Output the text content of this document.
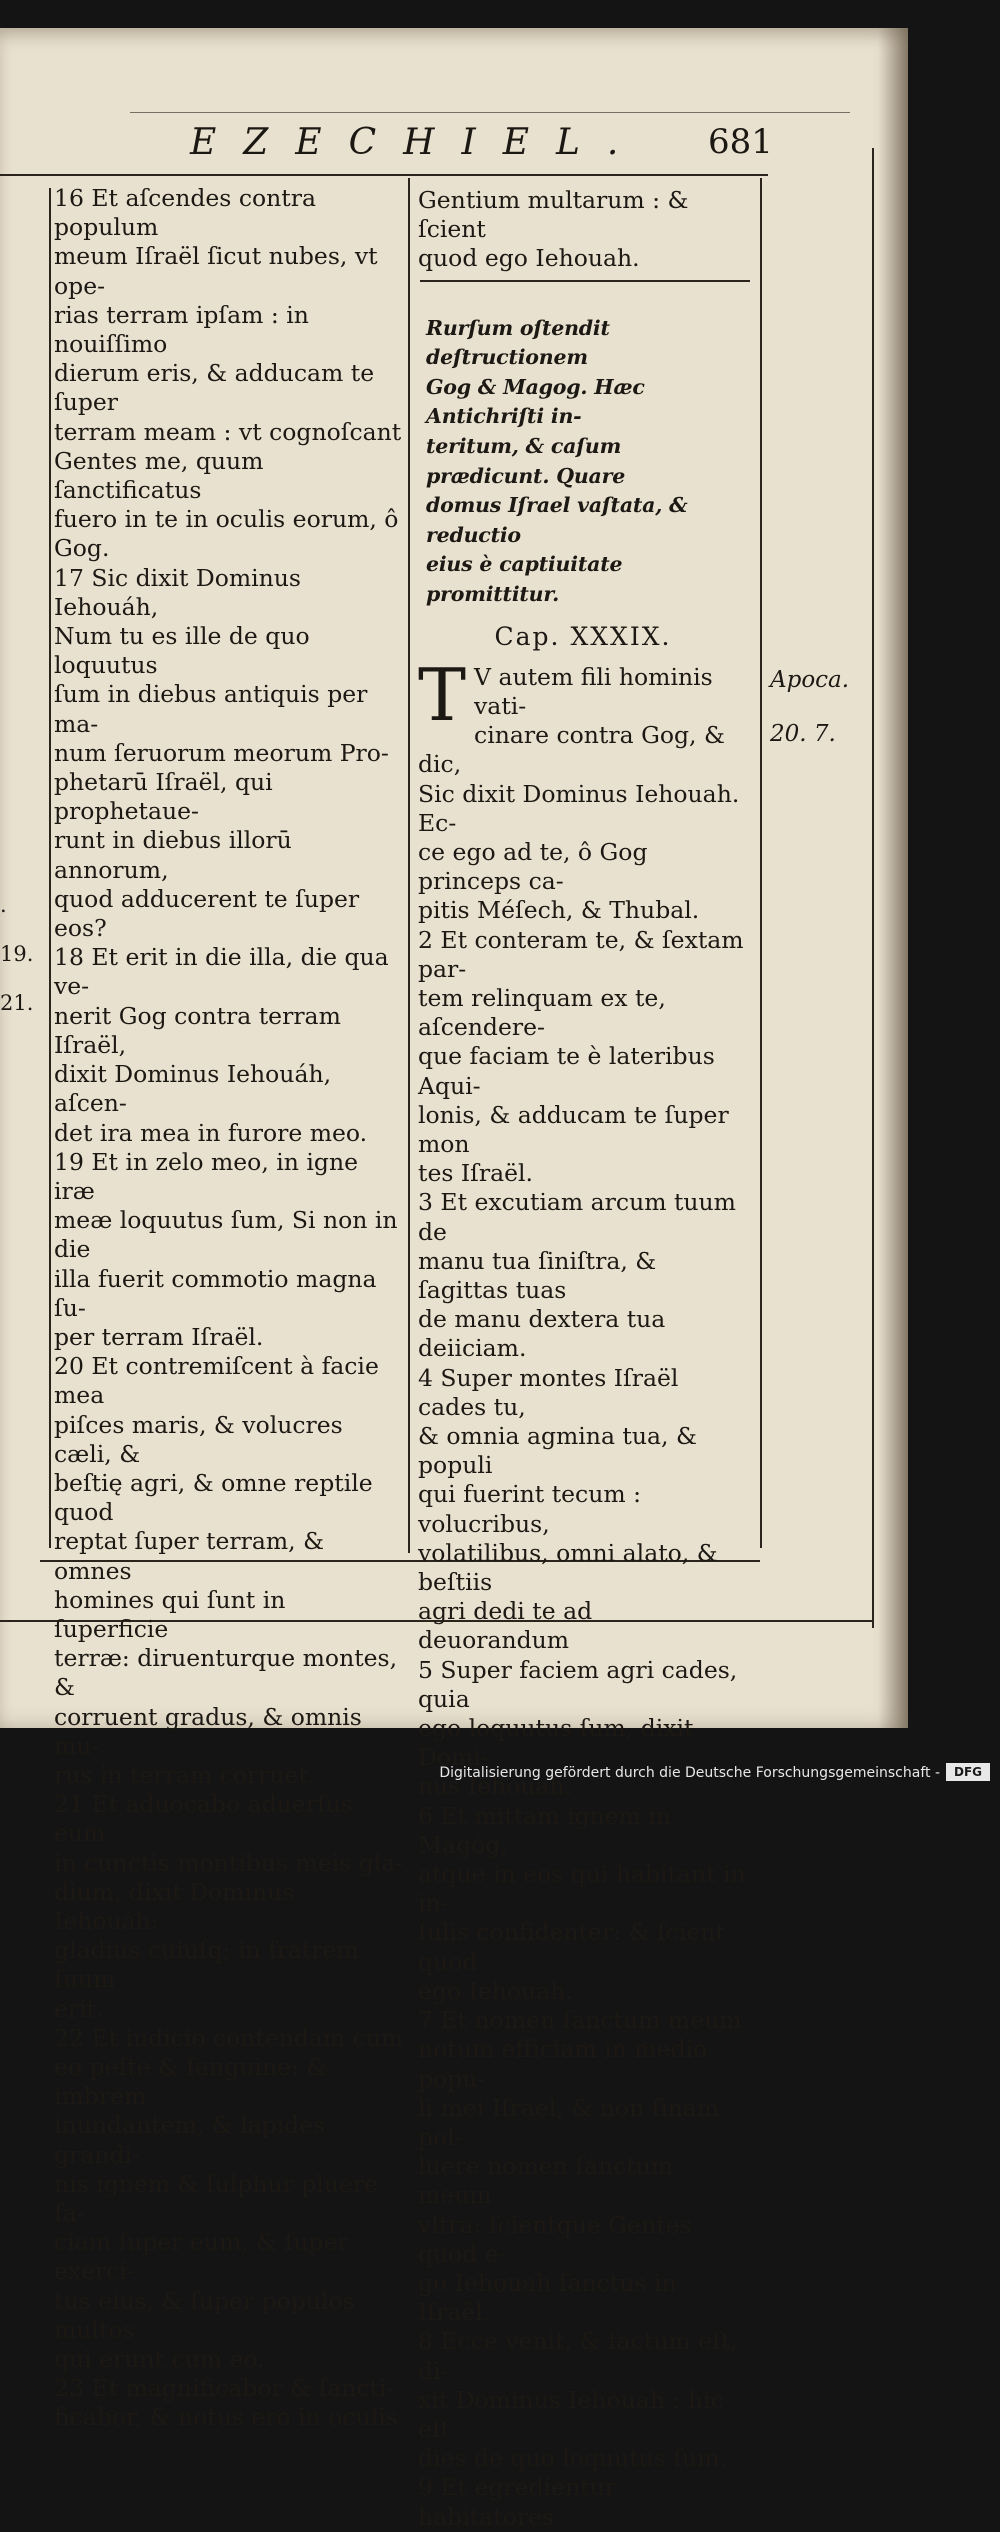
EZECHIEL. 681

16 Et aſcendes contra populum

meum Iſraël ſicut nubes, vt ope-

rias terram ipſam : in nouiſſimo

dierum eris, & adducam te ſuper

terram meam : vt cognoſcant

Gentes me, quum ſanctificatus

fuero in te in oculis eorum, ô

Gog.

17 Sic dixit Dominus Iehouáh,

Num tu es ille de quo loquutus

ſum in diebus antiquis per ma-

num ſeruorum meorum Pro-

phetarū Iſraël, qui prophetaue-

runt in diebus illorū annorum,

quod adducerent te ſuper eos?

18 Et erit in die illa, die qua ve-

nerit Gog contra terram Iſraël,

dixit Dominus Iehouáh, aſcen-

det ira mea in furore meo.

19 Et in zelo meo, in igne iræ

meæ loquutus ſum, Si non in die

illa fuerit commotio magna ſu-

per terram Iſraël.

20 Et contremiſcent à facie mea

piſces maris, & volucres cæli, &

beſtię agri, & omne reptile quod

reptat ſuper terram, & omnes

homines qui ſunt in ſuperficie

terræ: diruenturque montes, &

corruent gradus, & omnis mu-

rus in terram corruet.

21 Et aduocabo aduerſus eum

in cunctis montibus meis gla-

dium, dixit Dominus Iehouáh:

gladius cuiuſq; in fratrem ſuum

erit.

22 Et iudicio contendam cum

eo peſte & ſanguine: & imbrem

inundantem, & lapides grandi-

nis ignem & ſulphur pluere fa-

ciam ſuper eum, & ſuper exerci-

tus eius, & ſuper populos multos

qui erunt cum eo.

23 Et magnificabor & ſancti-

ficabor, & notus ero in oculis

Gentium multarum : & ſcient

quod ego Iehouah.

Rurſum oſtendit deſtructionem

Gog & Magog. Hæc Antichriſti in-

teritum, & caſum prædicunt. Quare

domus Iſrael vaſtata, & reductio

eius è captiuitate promittitur.

Cap. XXXIX.
T V autem fili hominis vati-

cinare contra Gog, & dic,

Sic dixit Dominus Iehouah. Ec-

ce ego ad te, ô Gog princeps ca-

pitis Méſech, & Thubal.

2 Et conteram te, & ſextam par-

tem relinquam ex te, aſcendere-

que faciam te è lateribus Aqui-

lonis, & adducam te ſuper mon

tes Iſraël.

3 Et excutiam arcum tuum de

manu tua ſiniſtra, & ſagittas tuas

de manu dextera tua deiiciam.

4 Super montes Iſraël cades tu,

& omnia agmina tua, & populi

qui fuerint tecum : volucribus,

volatilibus, omni alato, & beſtiis

agri dedi te ad deuorandum

5 Super faciem agri cades, quia

ego loquutus ſum, dixit Domi-

nus Iehouah.

6 Et mittam ignem in Magóg,

atque in eos qui habitant in in-

ſulis confidenter: & ſcient quod

ego Iehouah.

7 Et nomen ſanctum meum

notum efficiam in medio popu-

li mei Iſrael, & non ſinam pol-

luere nomen ſanctum meum

vltra: ſcientque Gentes quod e-

go Iehouah ſanctus in Iſraël.

8 Ecce venit, & factum eſt, di-

xit Dominus Iehouah : hic eſt

dies de quo loquutus ſum.

9 Et egredientur habitatores

Apoca.

20. 7.

.

19.

21.

Digitalisierung gefördert durch die Deutsche Forschungsgemeinschaft -	DFG
